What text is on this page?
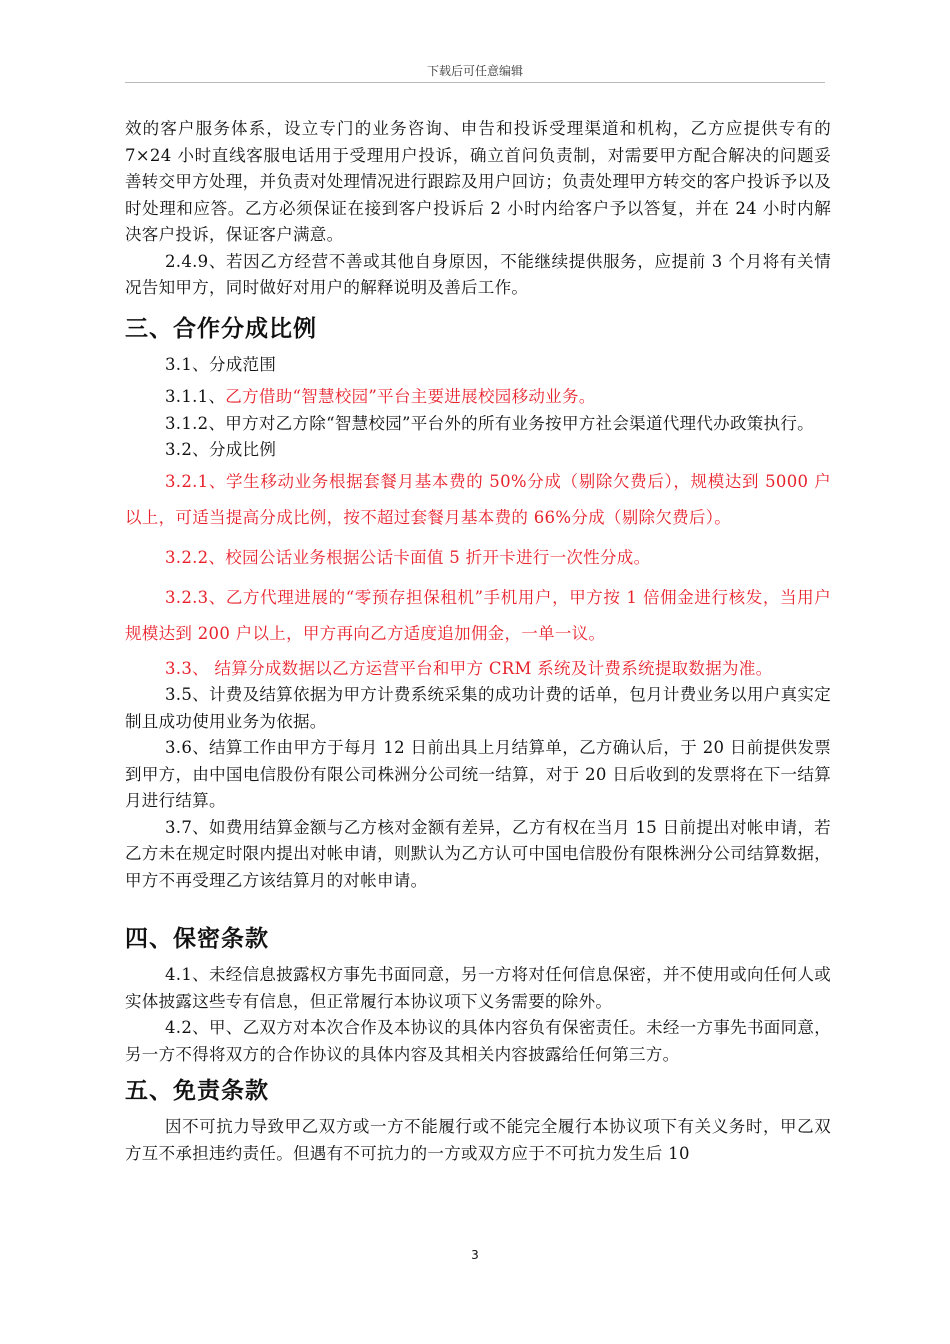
下载后可任意编辑

效的客户服务体系，设立专门的业务咨询、申告和投诉受理渠道和机构，乙方应提供专有的 7×24 小时直线客服电话用于受理用户投诉，确立首问负责制，对需要甲方配合解决的问题妥善转交甲方处理，并负责对处理情况进行跟踪及用户回访；负责处理甲方转交的客户投诉予以及时处理和应答。乙方必须保证在接到客户投诉后 2 小时内给客户予以答复，并在 24 小时内解决客户投诉，保证客户满意。

2.4.9、若因乙方经营不善或其他自身原因，不能继续提供服务，应提前 3 个月将有关情况告知甲方，同时做好对用户的解释说明及善后工作。

三、合作分成比例

3.1、分成范围

3.1.1、乙方借助“智慧校园”平台主要进展校园移动业务。

3.1.2、甲方对乙方除“智慧校园”平台外的所有业务按甲方社会渠道代理代办政策执行。

3.2、分成比例

3.2.1、学生移动业务根据套餐月基本费的 50%分成（剔除欠费后），规模达到 5000 户以上，可适当提高分成比例，按不超过套餐月基本费的 66%分成（剔除欠费后）。

3.2.2、校园公话业务根据公话卡面值 5 折开卡进行一次性分成。

3.2.3、乙方代理进展的“零预存担保租机”手机用户，甲方按 1 倍佣金进行核发，当用户规模达到 200 户以上，甲方再向乙方适度追加佣金，一单一议。

3.3、 结算分成数据以乙方运营平台和甲方 CRM 系统及计费系统提取数据为准。

3.5、计费及结算依据为甲方计费系统采集的成功计费的话单，包月计费业务以用户真实定制且成功使用业务为依据。

3.6、结算工作由甲方于每月 12 日前出具上月结算单，乙方确认后，于 20 日前提供发票到甲方，由中国电信股份有限公司株洲分公司统一结算，对于 20 日后收到的发票将在下一结算月进行结算。

3.7、如费用结算金额与乙方核对金额有差异，乙方有权在当月 15 日前提出对帐申请，若乙方未在规定时限内提出对帐申请，则默认为乙方认可中国电信股份有限株洲分公司结算数据，甲方不再受理乙方该结算月的对帐申请。

四、保密条款

4.1、未经信息披露权方事先书面同意，另一方将对任何信息保密，并不使用或向任何人或实体披露这些专有信息，但正常履行本协议项下义务需要的除外。

4.2、甲、乙双方对本次合作及本协议的具体内容负有保密责任。未经一方事先书面同意，另一方不得将双方的合作协议的具体内容及其相关内容披露给任何第三方。

五、免责条款

因不可抗力导致甲乙双方或一方不能履行或不能完全履行本协议项下有关义务时，甲乙双方互不承担违约责任。但遇有不可抗力的一方或双方应于不可抗力发生后 10

3
